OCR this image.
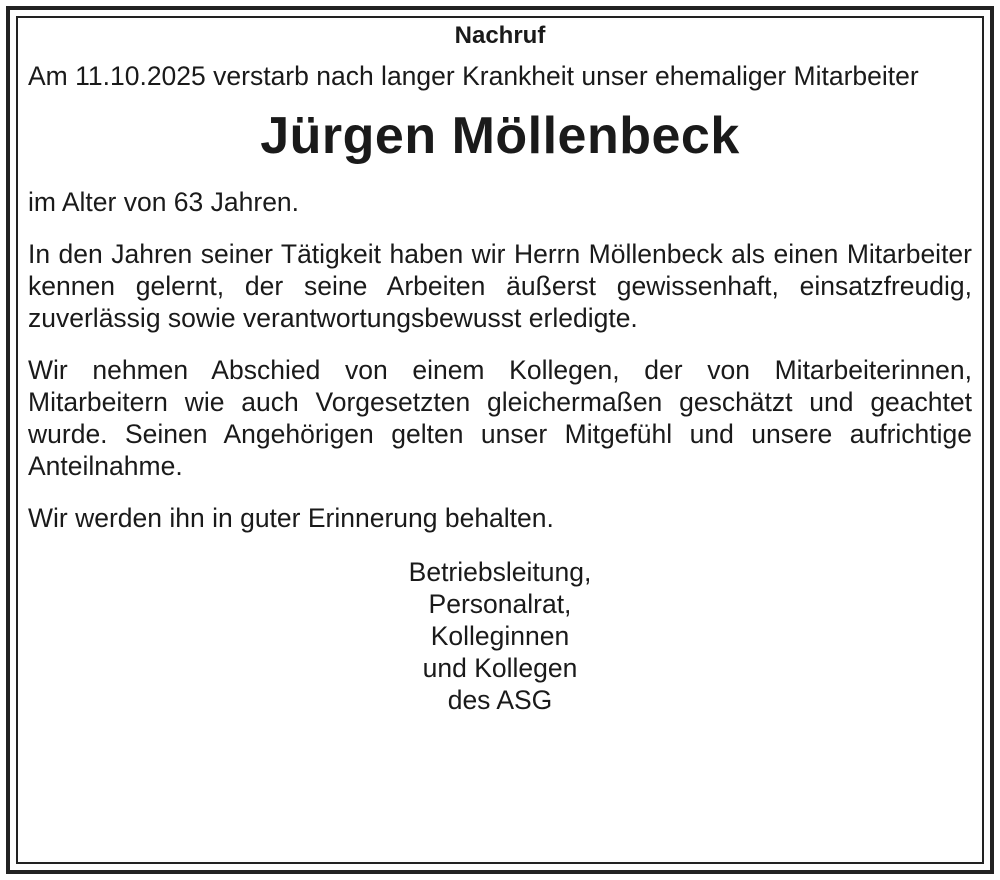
Nachruf

Am 11.10.2025 verstarb nach langer Krankheit unser ehemaliger Mitarbeiter

Jürgen Möllenbeck

im Alter von 63 Jahren.

In den Jahren seiner Tätigkeit haben wir Herrn Möllenbeck als einen Mitarbeiter kennen gelernt, der seine Arbeiten äußerst gewissenhaft, einsatzfreudig, zuverlässig sowie verantwortungsbewusst erledigte.

Wir nehmen Abschied von einem Kollegen, der von Mitarbeiterinnen, Mitarbeitern wie auch Vorgesetzten gleichermaßen geschätzt und geachtet wurde. Seinen Angehörigen gelten unser Mitgefühl und unsere aufrichtige Anteilnahme.

Wir werden ihn in guter Erinnerung behalten.

Betriebsleitung,
Personalrat,
Kolleginnen
und Kollegen
des ASG
